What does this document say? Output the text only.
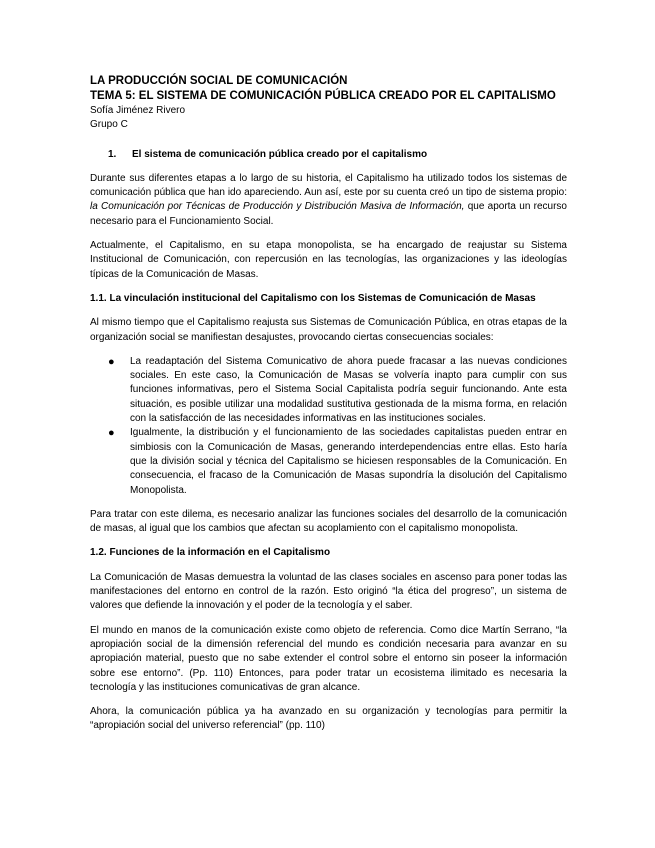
LA PRODUCCIÓN SOCIAL DE COMUNICACIÓN

TEMA 5: EL SISTEMA DE COMUNICACIÓN PÚBLICA CREADO POR EL CAPITALISMO

Sofía Jiménez Rivero

Grupo C

1. El sistema de comunicación pública creado por el capitalismo

Durante sus diferentes etapas a lo largo de su historia, el Capitalismo ha utilizado todos los sistemas de comunicación pública que han ido apareciendo. Aun así, este por su cuenta creó un tipo de sistema propio: la Comunicación por Técnicas de Producción y Distribución Masiva de Información, que aporta un recurso necesario para el Funcionamiento Social.

Actualmente, el Capitalismo, en su etapa monopolista, se ha encargado de reajustar su Sistema Institucional de Comunicación, con repercusión en las tecnologías, las organizaciones y las ideologías típicas de la Comunicación de Masas.

1.1. La vinculación institucional del Capitalismo con los Sistemas de Comunicación de Masas

Al mismo tiempo que el Capitalismo reajusta sus Sistemas de Comunicación Pública, en otras etapas de la organización social se manifiestan desajustes, provocando ciertas consecuencias sociales:

● La readaptación del Sistema Comunicativo de ahora puede fracasar a las nuevas condiciones sociales. En este caso, la Comunicación de Masas se volvería inapto para cumplir con sus funciones informativas, pero el Sistema Social Capitalista podría seguir funcionando. Ante esta situación, es posible utilizar una modalidad sustitutiva gestionada de la misma forma, en relación con la satisfacción de las necesidades informativas en las instituciones sociales.
● Igualmente, la distribución y el funcionamiento de las sociedades capitalistas pueden entrar en simbiosis con la Comunicación de Masas, generando interdependencias entre ellas. Esto haría que la división social y técnica del Capitalismo se hiciesen responsables de la Comunicación. En consecuencia, el fracaso de la Comunicación de Masas supondría la disolución del Capitalismo Monopolista.

Para tratar con este dilema, es necesario analizar las funciones sociales del desarrollo de la comunicación de masas, al igual que los cambios que afectan su acoplamiento con el capitalismo monopolista.

1.2. Funciones de la información en el Capitalismo

La Comunicación de Masas demuestra la voluntad de las clases sociales en ascenso para poner todas las manifestaciones del entorno en control de la razón. Esto originó “la ética del progreso”, un sistema de valores que defiende la innovación y el poder de la tecnología y el saber.

El mundo en manos de la comunicación existe como objeto de referencia. Como dice Martín Serrano, “la apropiación social de la dimensión referencial del mundo es condición necesaria para avanzar en su apropiación material, puesto que no sabe extender el control sobre el entorno sin poseer la información sobre ese entorno”. (Pp. 110) Entonces, para poder tratar un ecosistema ilimitado es necesaria la tecnología y las instituciones comunicativas de gran alcance.

Ahora, la comunicación pública ya ha avanzado en su organización y tecnologías para permitir la “apropiación social del universo referencial” (pp. 110)
